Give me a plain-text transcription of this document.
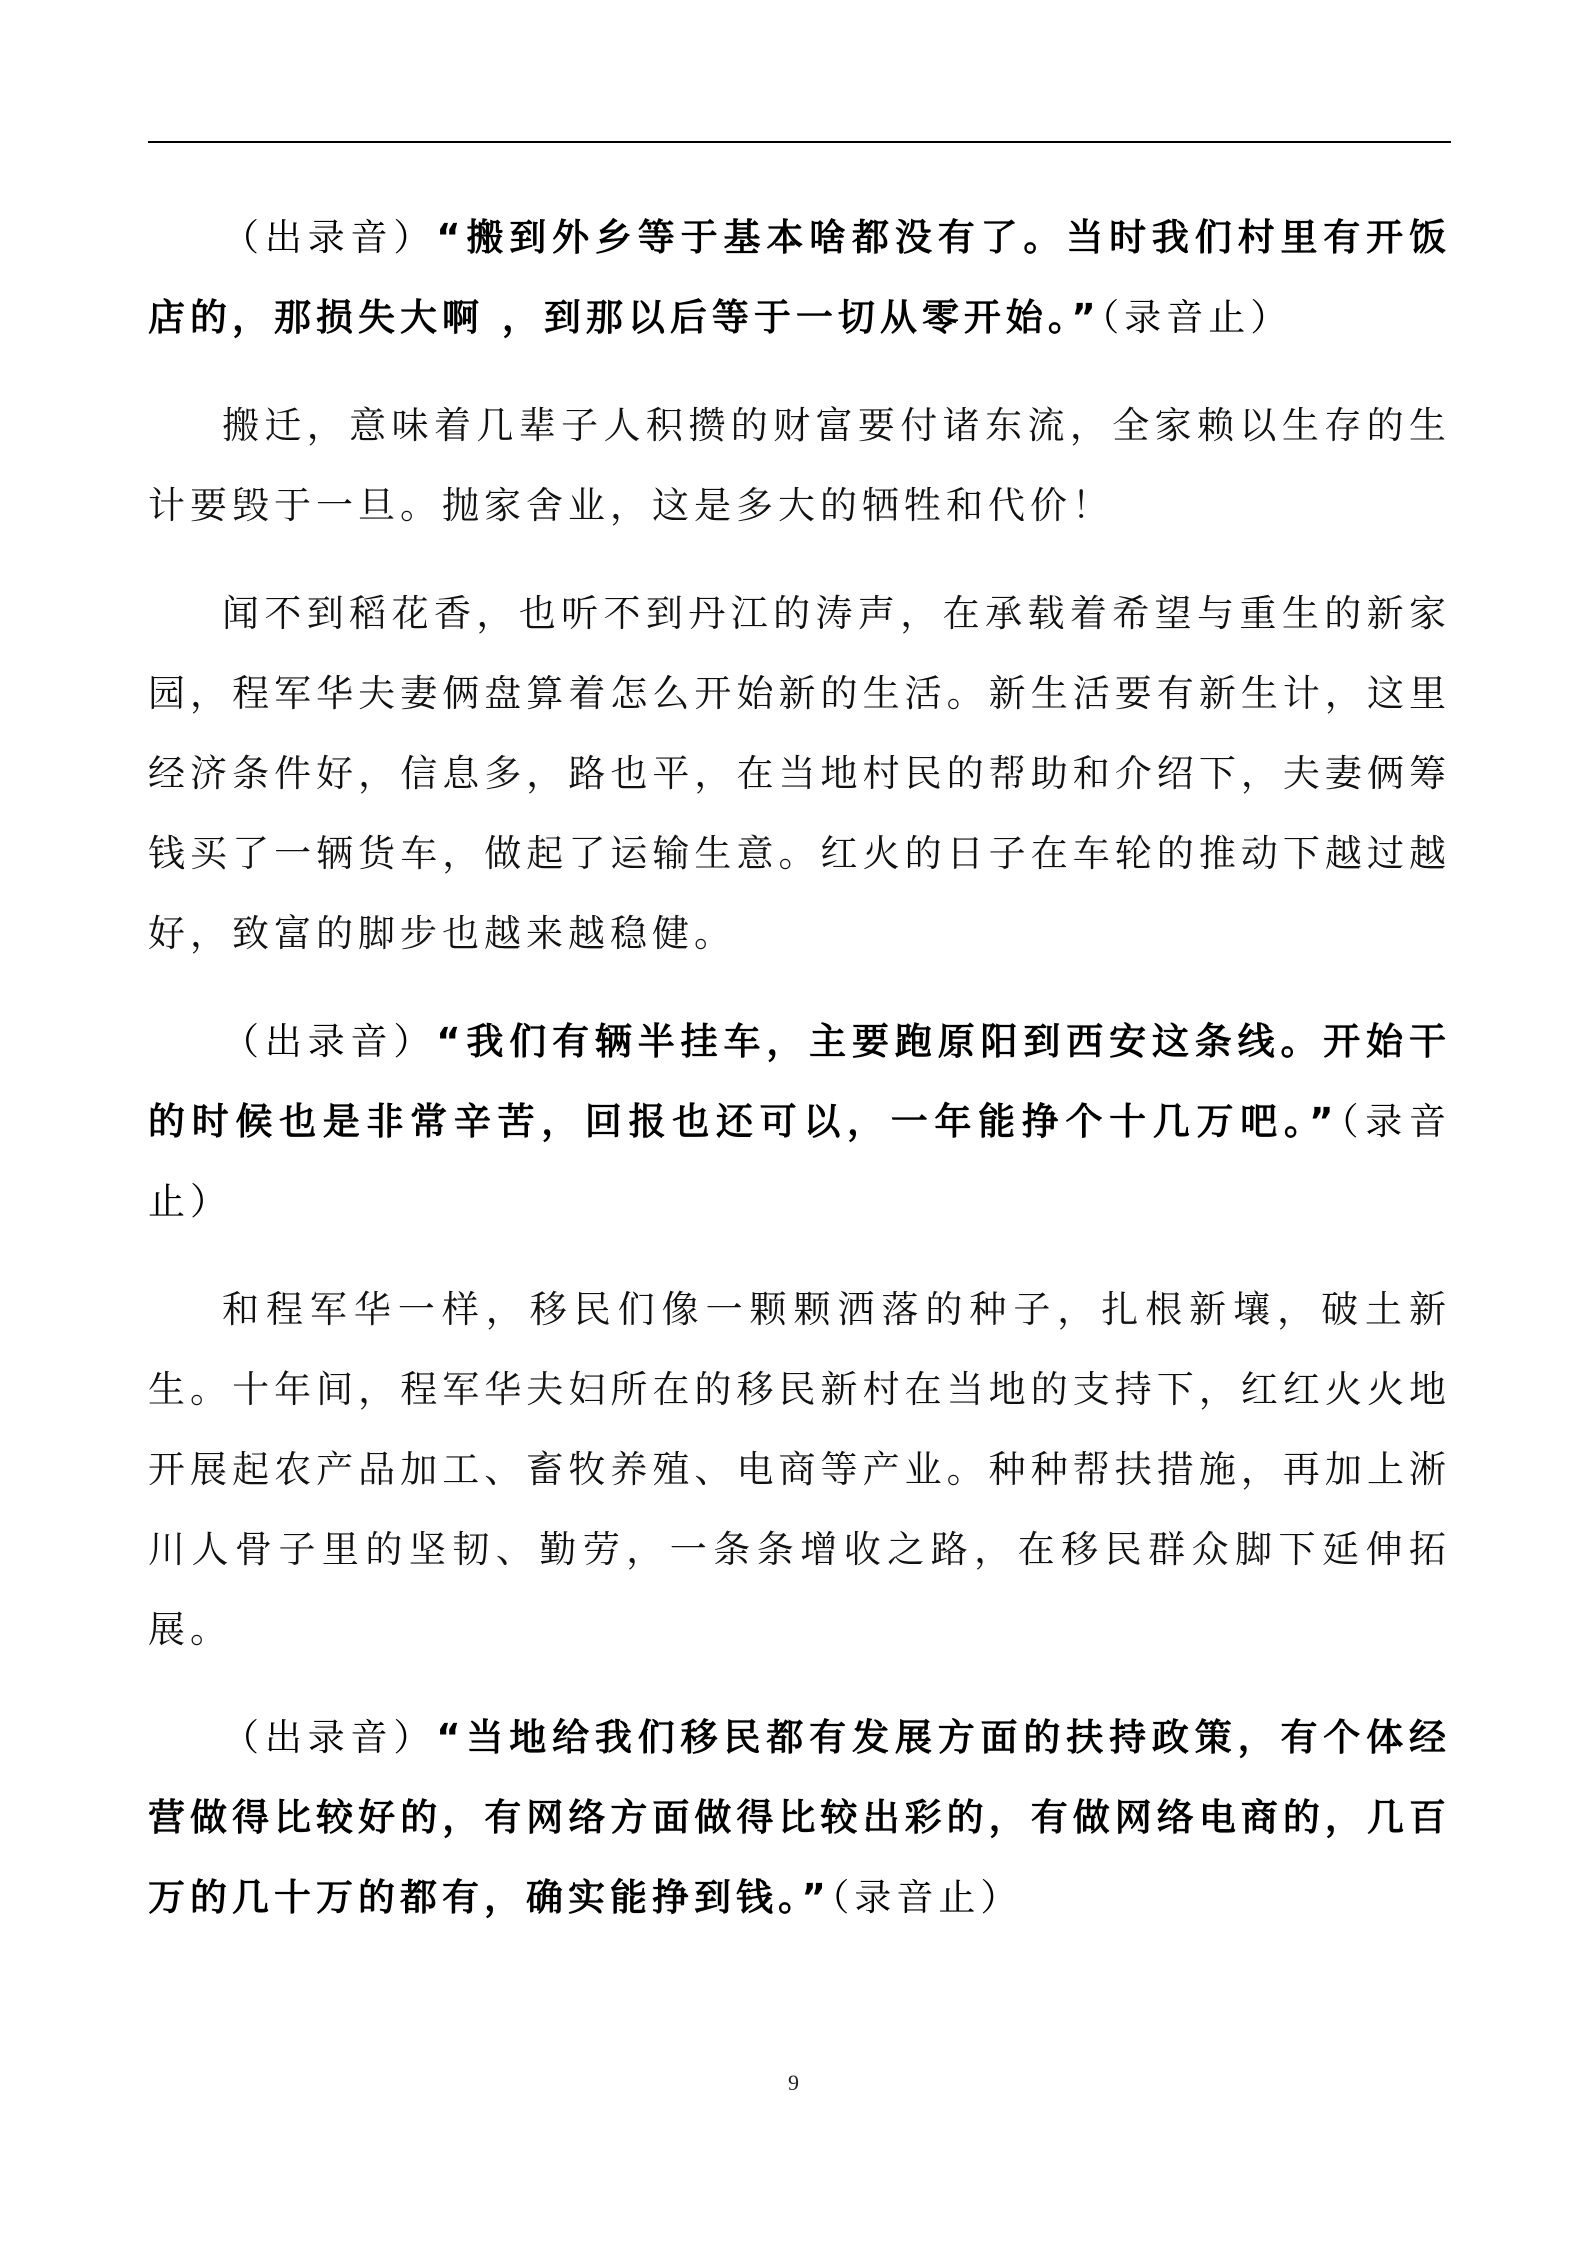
（出录音）“搬到外乡等于基本啥都没有了。当时我们村里有开饭店的，那损失大啊 ，到那以后等于一切从零开始。”（录音止）

搬迁，意味着几辈子人积攒的财富要付诸东流，全家赖以生存的生计要毁于一旦。抛家舍业，这是多大的牺牲和代价！

闻不到稻花香，也听不到丹江的涛声，在承载着希望与重生的新家园，程军华夫妻俩盘算着怎么开始新的生活。新生活要有新生计，这里经济条件好，信息多，路也平，在当地村民的帮助和介绍下，夫妻俩筹钱买了一辆货车，做起了运输生意。红火的日子在车轮的推动下越过越好，致富的脚步也越来越稳健。

（出录音）“我们有辆半挂车，主要跑原阳到西安这条线。开始干的时候也是非常辛苦，回报也还可以，一年能挣个十几万吧。”（录音止）

和程军华一样，移民们像一颗颗洒落的种子，扎根新壤，破土新生。十年间，程军华夫妇所在的移民新村在当地的支持下，红红火火地开展起农产品加工、畜牧养殖、电商等产业。种种帮扶措施，再加上淅川人骨子里的坚韧、勤劳，一条条增收之路，在移民群众脚下延伸拓展。

（出录音）“当地给我们移民都有发展方面的扶持政策，有个体经营做得比较好的，有网络方面做得比较出彩的，有做网络电商的，几百万的几十万的都有，确实能挣到钱。”（录音止）

9
